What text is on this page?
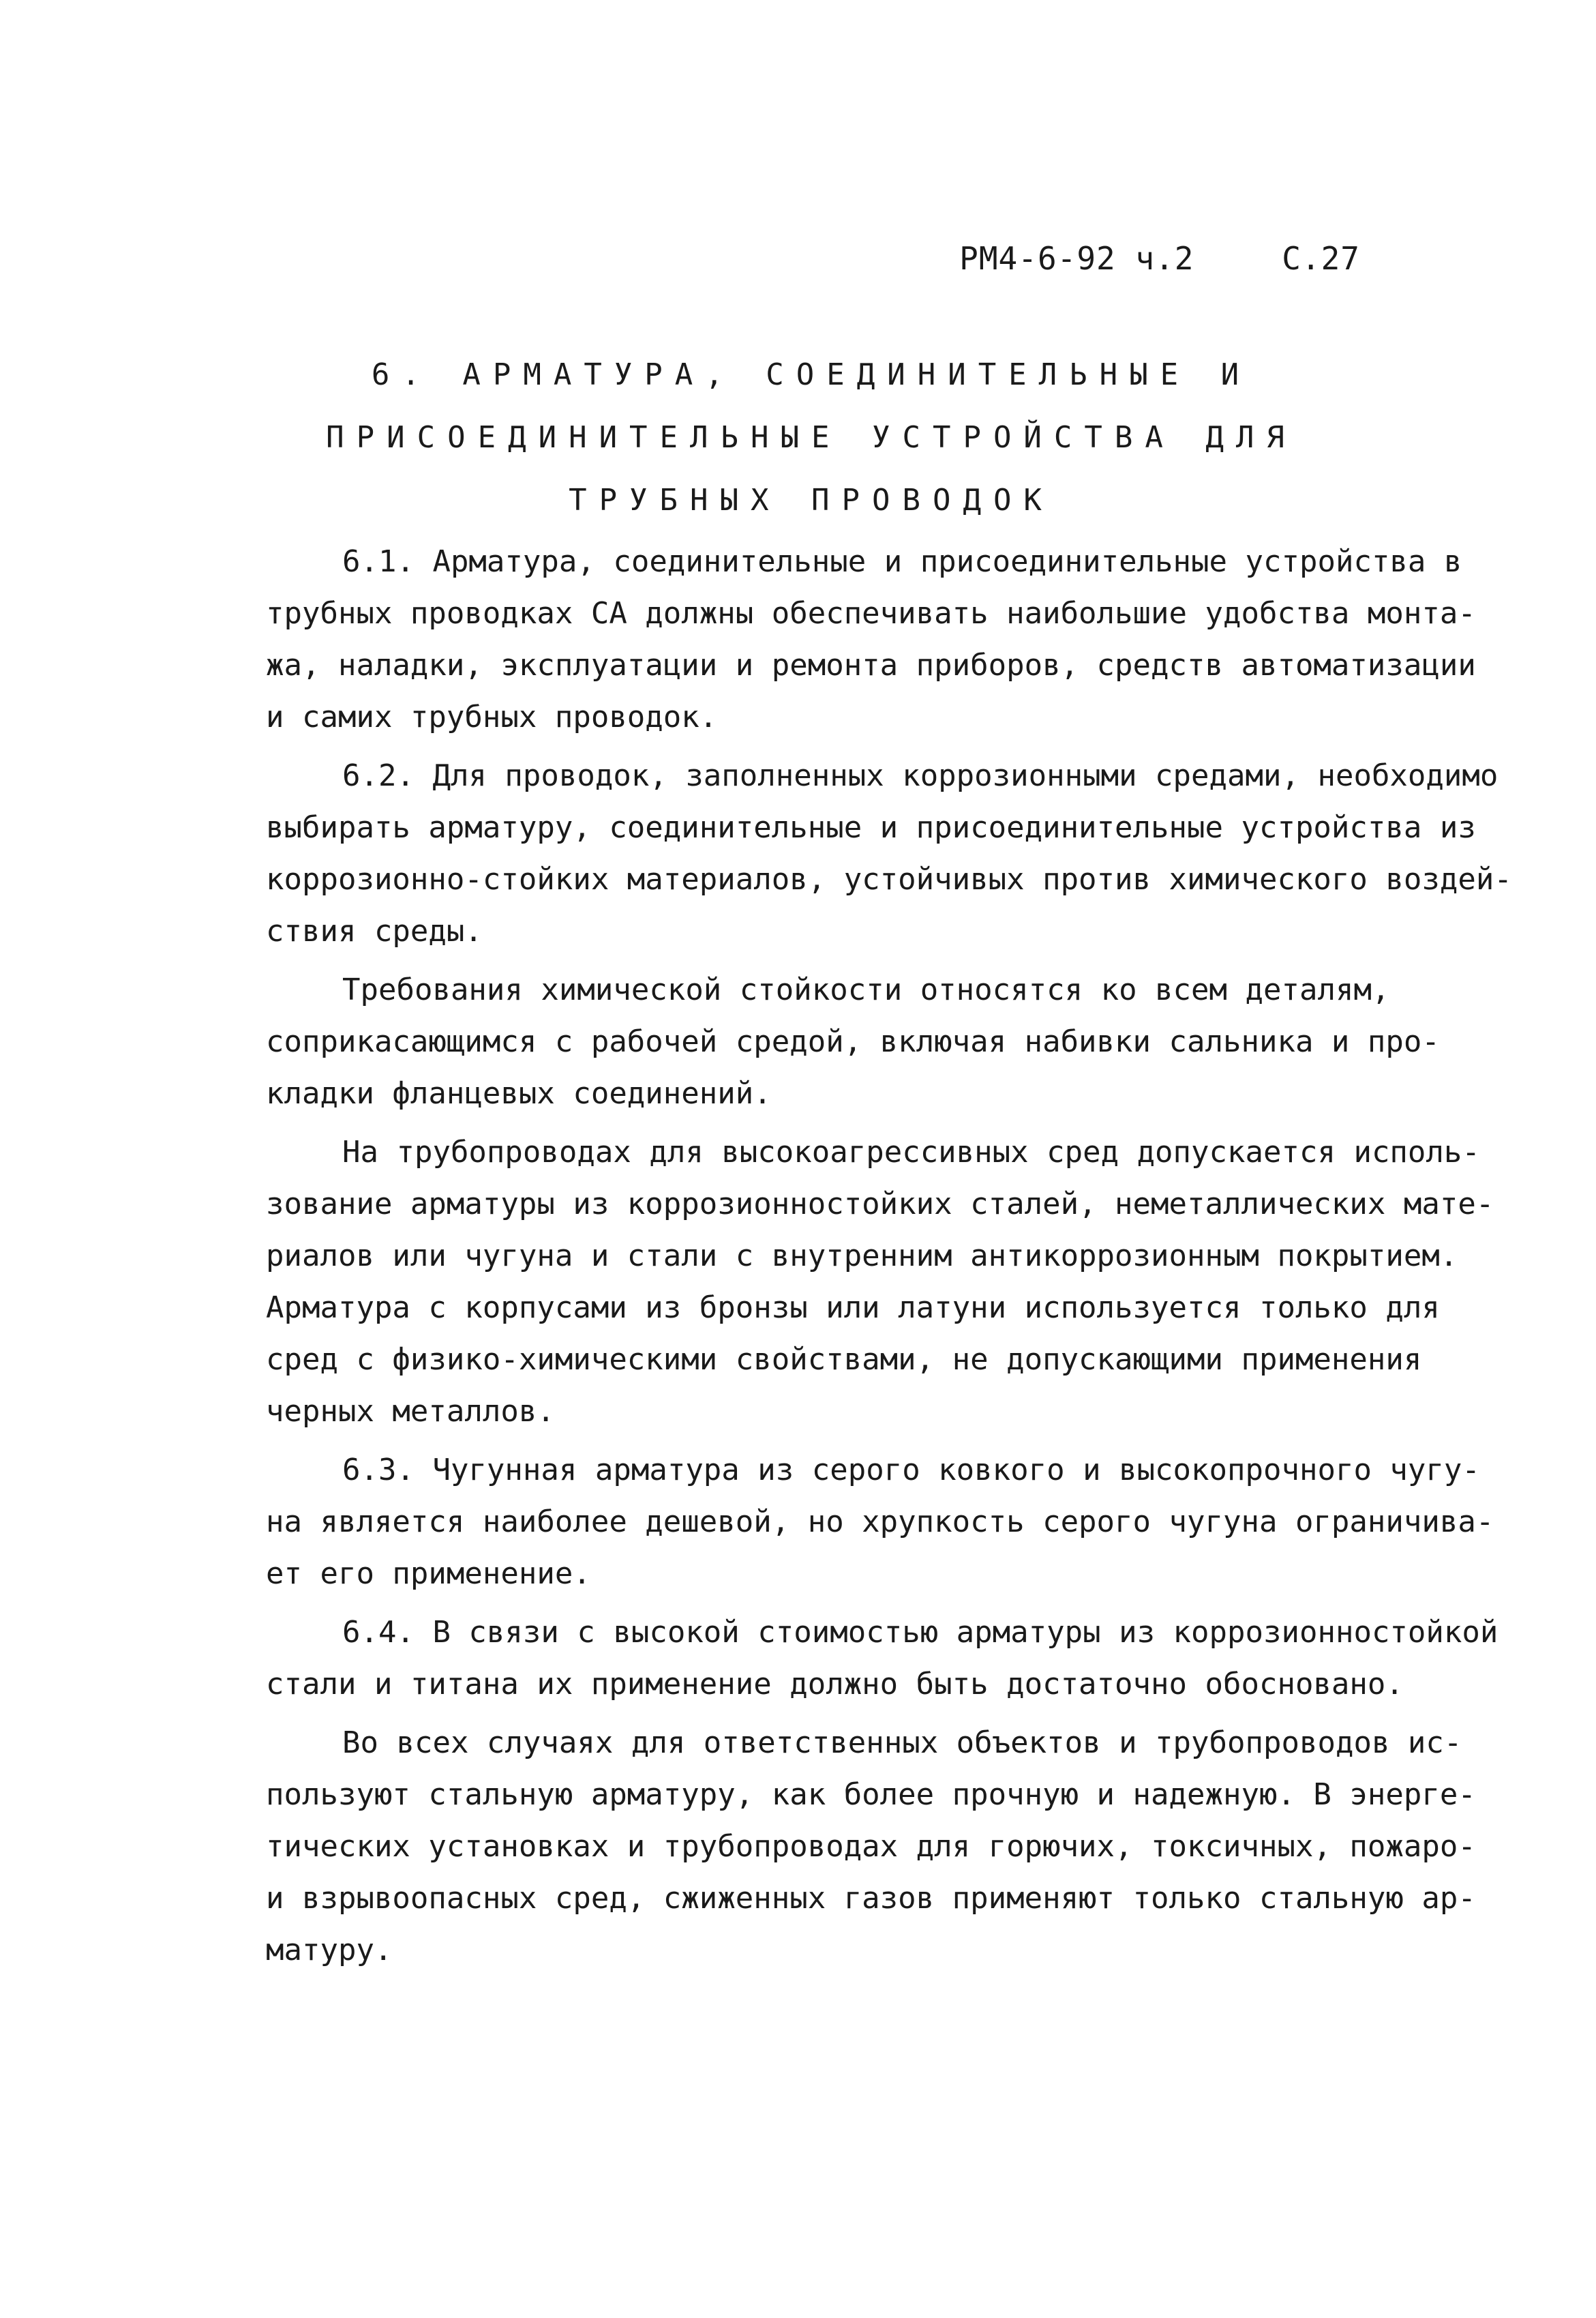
РМ4-6-92 ч.2	С.27
6. АРМАТУРА, СОЕДИНИТЕЛЬНЫЕ И
ПРИСОЕДИНИТЕЛЬНЫЕ УСТРОЙСТВА ДЛЯ
ТРУБНЫХ ПРОВОДОК
6.1. Арматура, соединительные и присоединительные устройства в
трубных проводках СА должны обеспечивать наибольшие удобства монта-
жа, наладки, эксплуатации и ремонта приборов, средств автоматизации
и самих трубных проводок.
6.2. Для проводок, заполненных коррозионными средами, необходимо
выбирать арматуру, соединительные и присоединительные устройства из
коррозионно-стойких материалов, устойчивых против химического воздей-
ствия среды.
Требования химической стойкости относятся ко всем деталям,
соприкасающимся с рабочей средой, включая набивки сальника и про-
кладки фланцевых соединений.
На трубопроводах для высокоагрессивных сред допускается исполь-
зование арматуры из коррозионностойких сталей, неметаллических мате-
риалов или чугуна и стали с внутренним антикоррозионным покрытием.
Арматура с корпусами из бронзы или латуни используется только для
сред с физико-химическими свойствами, не допускающими применения
черных металлов.
6.3. Чугунная арматура из серого ковкого и высокопрочного чугу-
на является наиболее дешевой, но хрупкость серого чугуна ограничива-
ет его применение.
6.4. В связи с высокой стоимостью арматуры из коррозионностойкой
стали и титана их применение должно быть достаточно обосновано.
Во всех случаях для ответственных объектов и трубопроводов ис-
пользуют стальную арматуру, как более прочную и надежную. В энерге-
тических установках и трубопроводах для горючих, токсичных, пожаро-
и взрывоопасных сред, сжиженных газов применяют только стальную ар-
матуру.
